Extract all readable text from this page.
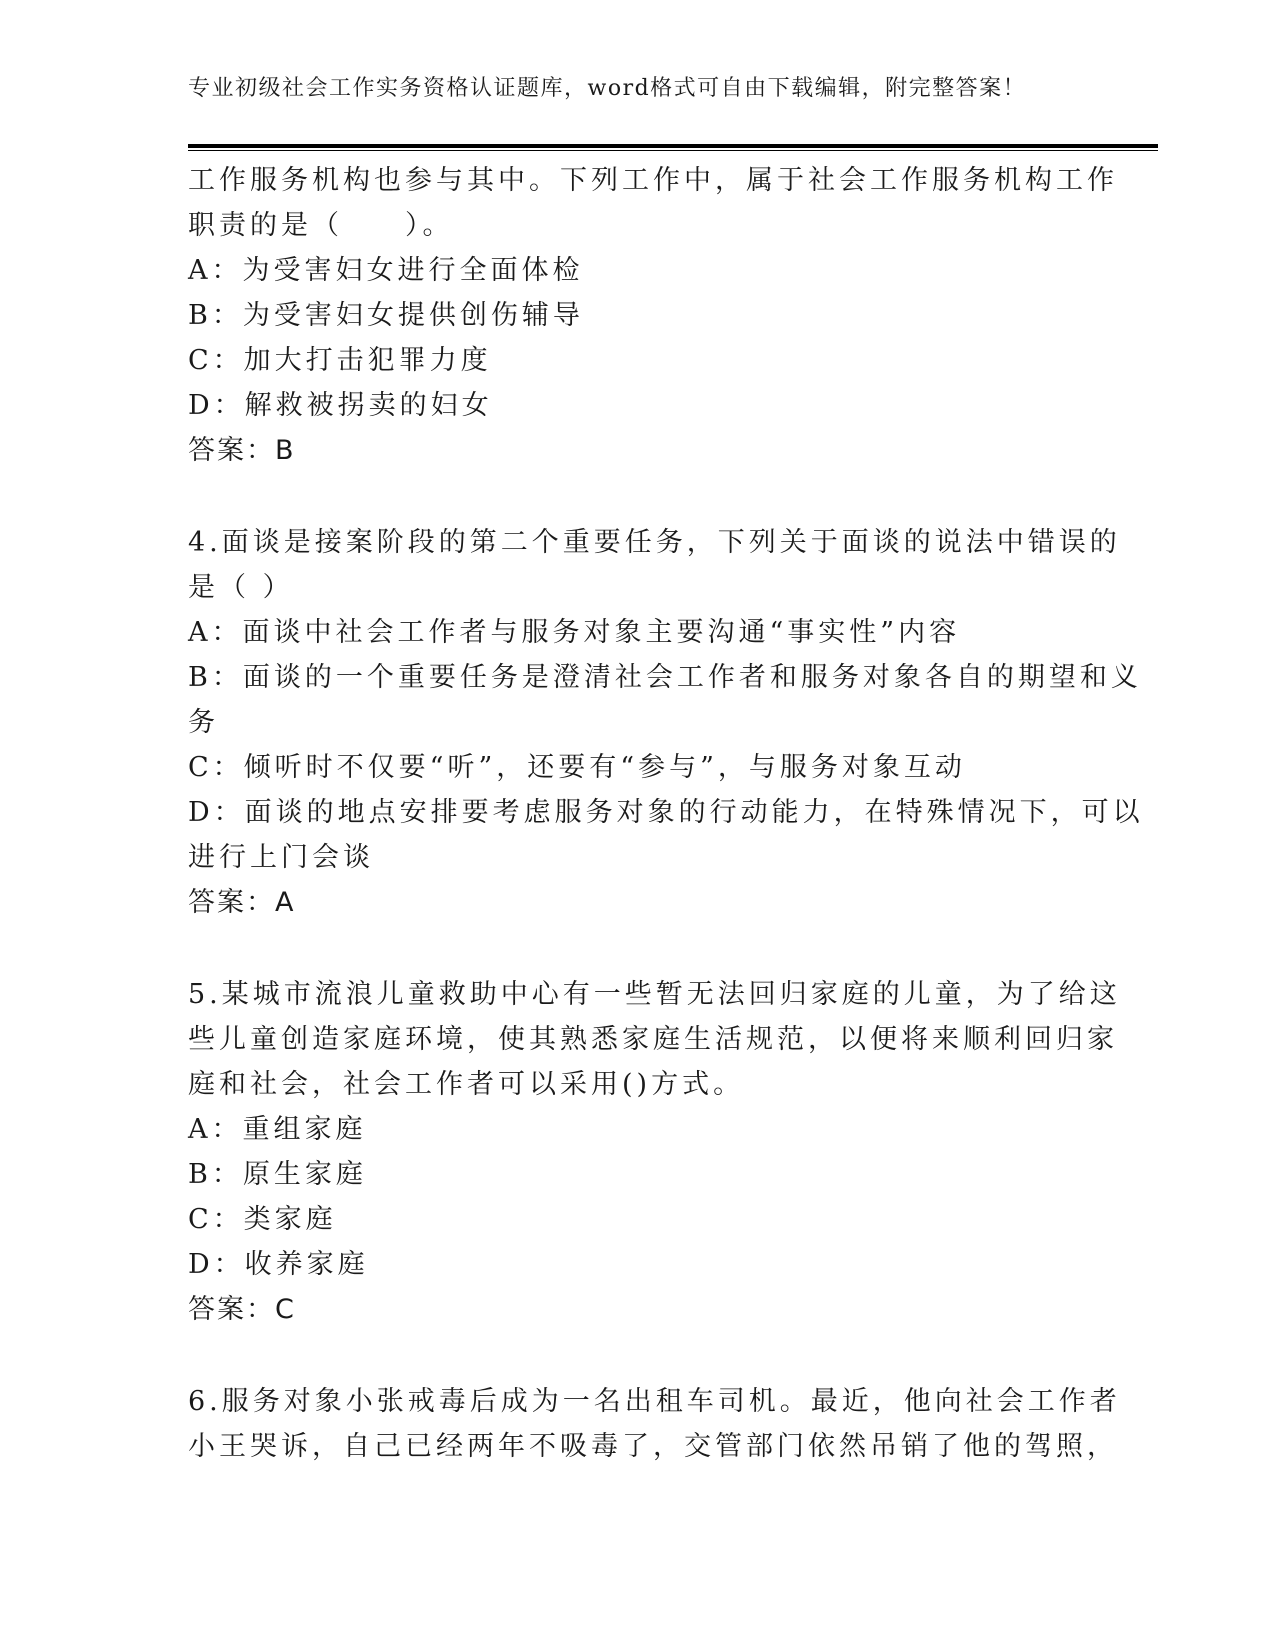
专业初级社会工作实务资格认证题库，word格式可自由下载编辑，附完整答案！
工作服务机构也参与其中。下列工作中，属于社会工作服务机构工作
职责的是（　　）。
A：为受害妇女进行全面体检
B：为受害妇女提供创伤辅导
C：加大打击犯罪力度
D：解救被拐卖的妇女
答案：B
4.面谈是接案阶段的第二个重要任务，下列关于面谈的说法中错误的
是（ ）
A：面谈中社会工作者与服务对象主要沟通“事实性”内容
B：面谈的一个重要任务是澄清社会工作者和服务对象各自的期望和义
务
C：倾听时不仅要“听”，还要有“参与”，与服务对象互动
D：面谈的地点安排要考虑服务对象的行动能力，在特殊情况下，可以
进行上门会谈
答案：A
5.某城市流浪儿童救助中心有一些暂无法回归家庭的儿童，为了给这
些儿童创造家庭环境，使其熟悉家庭生活规范，以便将来顺利回归家
庭和社会，社会工作者可以采用()方式。
A：重组家庭
B：原生家庭
C：类家庭
D：收养家庭
答案：C
6.服务对象小张戒毒后成为一名出租车司机。最近，他向社会工作者
小王哭诉，自己已经两年不吸毒了，交管部门依然吊销了他的驾照，
